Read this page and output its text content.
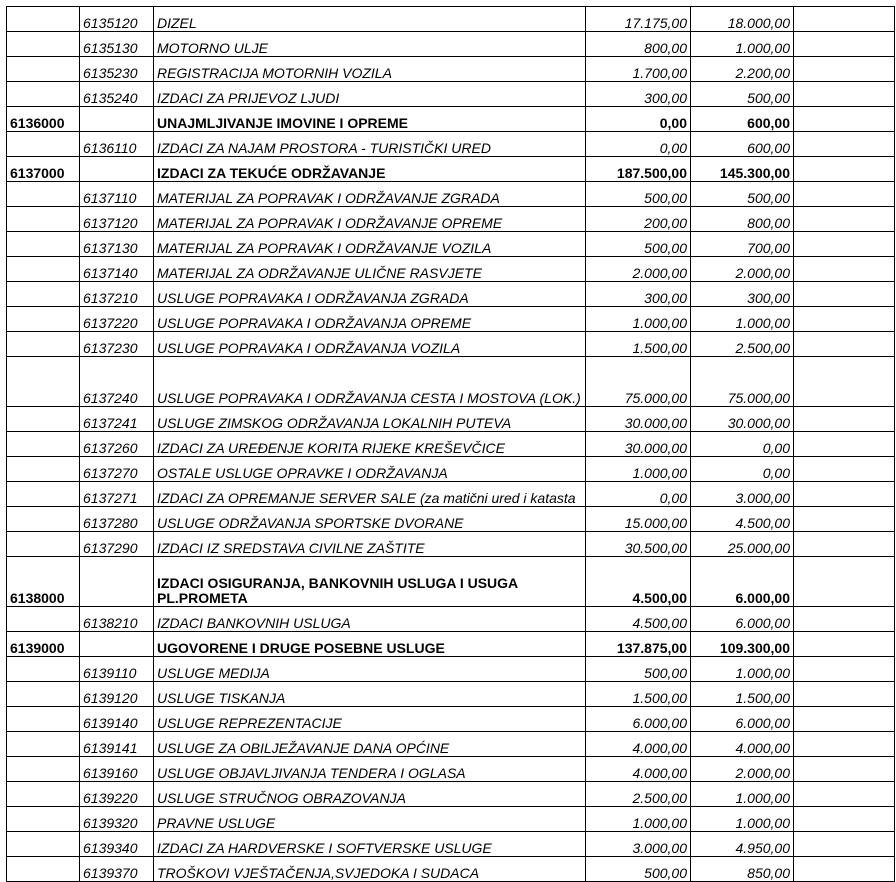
	6135120	DIZEL	17.175,00	18.000,00	
	6135130	MOTORNO ULJE	800,00	1.000,00	
	6135230	REGISTRACIJA MOTORNIH VOZILA	1.700,00	2.200,00	
	6135240	IZDACI ZA PRIJEVOZ LJUDI	300,00	500,00	
6136000		UNAJMLJIVANJE IMOVINE I OPREME	0,00	600,00	
	6136110	IZDACI ZA NAJAM PROSTORA - TURISTIČKI URED	0,00	600,00	
6137000		IZDACI ZA TEKUĆE ODRŽAVANJE	187.500,00	145.300,00	
	6137110	MATERIJAL ZA POPRAVAK I ODRŽAVANJE ZGRADA	500,00	500,00	
	6137120	MATERIJAL ZA POPRAVAK I ODRŽAVANJE OPREME	200,00	800,00	
	6137130	MATERIJAL ZA POPRAVAK I ODRŽAVANJE VOZILA	500,00	700,00	
	6137140	MATERIJAL ZA ODRŽAVANJE ULIČNE RASVJETE	2.000,00	2.000,00	
	6137210	USLUGE POPRAVAKA I ODRŽAVANJA ZGRADA	300,00	300,00	
	6137220	USLUGE POPRAVAKA I ODRŽAVANJA OPREME	1.000,00	1.000,00	
	6137230	USLUGE POPRAVAKA I ODRŽAVANJA VOZILA	1.500,00	2.500,00	
	6137240	USLUGE POPRAVAKA I ODRŽAVANJA CESTA I MOSTOVA (LOK.)	75.000,00	75.000,00	
	6137241	USLUGE ZIMSKOG ODRŽAVANJA LOKALNIH PUTEVA	30.000,00	30.000,00	
	6137260	IZDACI ZA UREĐENJE KORITA RIJEKE KREŠEVČICE	30.000,00	0,00	
	6137270	OSTALE USLUGE OPRAVKE I ODRŽAVANJA	1.000,00	0,00	
	6137271	IZDACI ZA OPREMANJE SERVER SALE (za matični ured i katasta	0,00	3.000,00	
	6137280	USLUGE ODRŽAVANJA SPORTSKE DVORANE	15.000,00	4.500,00	
	6137290	IZDACI IZ SREDSTAVA CIVILNE ZAŠTITE	30.500,00	25.000,00	
6138000		IZDACI OSIGURANJA, BANKOVNIH USLUGA I USUGA PL.PROMETA	4.500,00	6.000,00	
	6138210	IZDACI BANKOVNIH USLUGA	4.500,00	6.000,00	
6139000		UGOVORENE I DRUGE POSEBNE USLUGE	137.875,00	109.300,00	
	6139110	USLUGE MEDIJA	500,00	1.000,00	
	6139120	USLUGE TISKANJA	1.500,00	1.500,00	
	6139140	USLUGE REPREZENTACIJE	6.000,00	6.000,00	
	6139141	USLUGE ZA OBILJEŽAVANJE DANA OPĆINE	4.000,00	4.000,00	
	6139160	USLUGE OBJAVLJIVANJA TENDERA I OGLASA	4.000,00	2.000,00	
	6139220	USLUGE STRUČNOG OBRAZOVANJA	2.500,00	1.000,00	
	6139320	PRAVNE USLUGE	1.000,00	1.000,00	
	6139340	IZDACI ZA HARDVERSKE I SOFTVERSKE USLUGE	3.000,00	4.950,00	
	6139370	TROŠKOVI VJEŠTAČENJA,SVJEDOKA I SUDACA	500,00	850,00	
